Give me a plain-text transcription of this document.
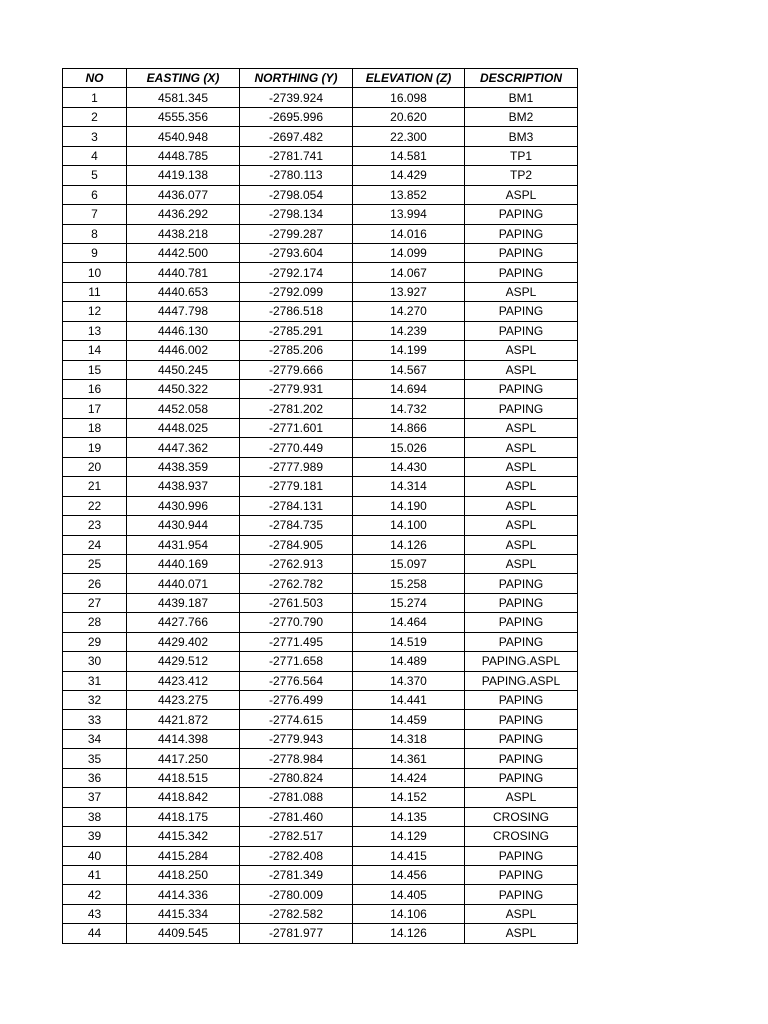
NO	EASTING (X)	NORTHING (Y)	ELEVATION (Z)	DESCRIPTION
1	4581.345	-2739.924	16.098	BM1
2	4555.356	-2695.996	20.620	BM2
3	4540.948	-2697.482	22.300	BM3
4	4448.785	-2781.741	14.581	TP1
5	4419.138	-2780.113	14.429	TP2
6	4436.077	-2798.054	13.852	ASPL
7	4436.292	-2798.134	13.994	PAPING
8	4438.218	-2799.287	14.016	PAPING
9	4442.500	-2793.604	14.099	PAPING
10	4440.781	-2792.174	14.067	PAPING
11	4440.653	-2792.099	13.927	ASPL
12	4447.798	-2786.518	14.270	PAPING
13	4446.130	-2785.291	14.239	PAPING
14	4446.002	-2785.206	14.199	ASPL
15	4450.245	-2779.666	14.567	ASPL
16	4450.322	-2779.931	14.694	PAPING
17	4452.058	-2781.202	14.732	PAPING
18	4448.025	-2771.601	14.866	ASPL
19	4447.362	-2770.449	15.026	ASPL
20	4438.359	-2777.989	14.430	ASPL
21	4438.937	-2779.181	14.314	ASPL
22	4430.996	-2784.131	14.190	ASPL
23	4430.944	-2784.735	14.100	ASPL
24	4431.954	-2784.905	14.126	ASPL
25	4440.169	-2762.913	15.097	ASPL
26	4440.071	-2762.782	15.258	PAPING
27	4439.187	-2761.503	15.274	PAPING
28	4427.766	-2770.790	14.464	PAPING
29	4429.402	-2771.495	14.519	PAPING
30	4429.512	-2771.658	14.489	PAPING.ASPL
31	4423.412	-2776.564	14.370	PAPING.ASPL
32	4423.275	-2776.499	14.441	PAPING
33	4421.872	-2774.615	14.459	PAPING
34	4414.398	-2779.943	14.318	PAPING
35	4417.250	-2778.984	14.361	PAPING
36	4418.515	-2780.824	14.424	PAPING
37	4418.842	-2781.088	14.152	ASPL
38	4418.175	-2781.460	14.135	CROSING
39	4415.342	-2782.517	14.129	CROSING
40	4415.284	-2782.408	14.415	PAPING
41	4418.250	-2781.349	14.456	PAPING
42	4414.336	-2780.009	14.405	PAPING
43	4415.334	-2782.582	14.106	ASPL
44	4409.545	-2781.977	14.126	ASPL
